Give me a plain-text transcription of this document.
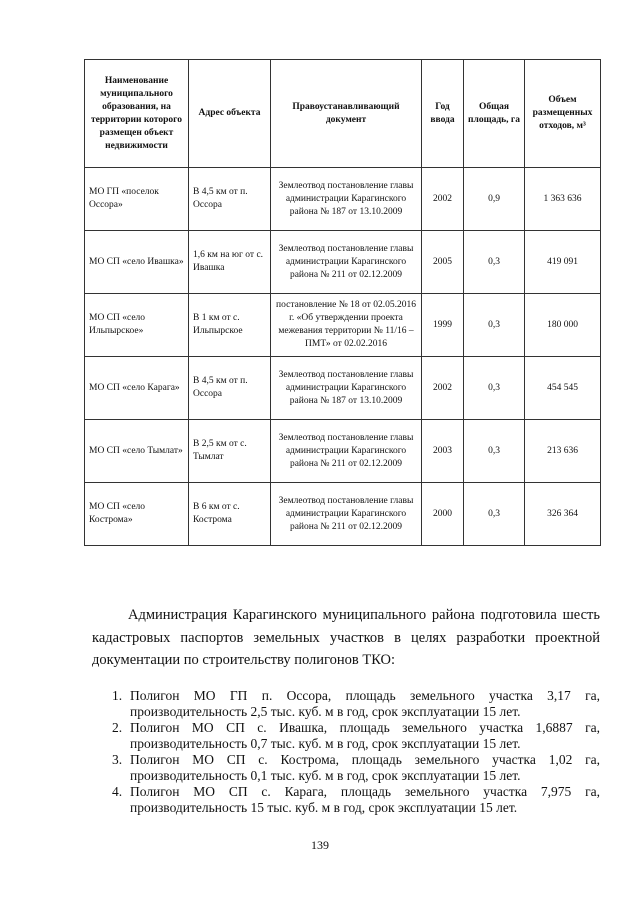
Наименование муниципального образования, на территории которого размещен объект недвижимости	Адрес объекта	Правоустанавливающий документ	Год ввода	Общая площадь, га	Объем размещенных отходов, м³
МО ГП «поселок Оссора»	В 4,5 км от п. Оссора	Землеотвод постановление главы администрации Карагинского района № 187 от 13.10.2009	2002	0,9	1 363 636
МО СП «село Ивашка»	1,6 км на юг от с. Ивашка	Землеотвод постановление главы администрации Карагинского района № 211 от 02.12.2009	2005	0,3	419 091
МО СП «село Ильпырское»	В 1 км от с. Ильпырское	постановление № 18 от 02.05.2016 г. «Об утверждении проекта межевания территории № 11/16 –ПМТ» от 02.02.2016	1999	0,3	180 000
МО СП «село Карага»	В 4,5 км от п. Оссора	Землеотвод постановление главы администрации Карагинского района № 187 от 13.10.2009	2002	0,3	454 545
МО СП «село Тымлат»	В 2,5 км от с. Тымлат	Землеотвод постановление главы администрации Карагинского района № 211 от 02.12.2009	2003	0,3	213 636
МО СП «село Кострома»	В 6 км от с. Кострома	Землеотвод постановление главы администрации Карагинского района № 211 от 02.12.2009	2000	0,3	326 364

Администрация Карагинского муниципального района подготовила шесть кадастровых паспортов земельных участков в целях разработки проектной документации по строительству полигонов ТКО:

1. Полигон МО ГП п. Оссора, площадь земельного участка 3,17 га, производительность 2,5 тыс. куб. м в год, срок эксплуатации 15 лет.
2. Полигон МО СП с. Ивашка, площадь земельного участка 1,6887 га, производительность 0,7 тыс. куб. м в год, срок эксплуатации 15 лет.
3. Полигон МО СП с. Кострома, площадь земельного участка 1,02 га, производительность 0,1 тыс. куб. м в год, срок эксплуатации 15 лет.
4. Полигон МО СП с. Карага, площадь земельного участка 7,975 га, производительность 15 тыс. куб. м в год, срок эксплуатации 15 лет.
139
